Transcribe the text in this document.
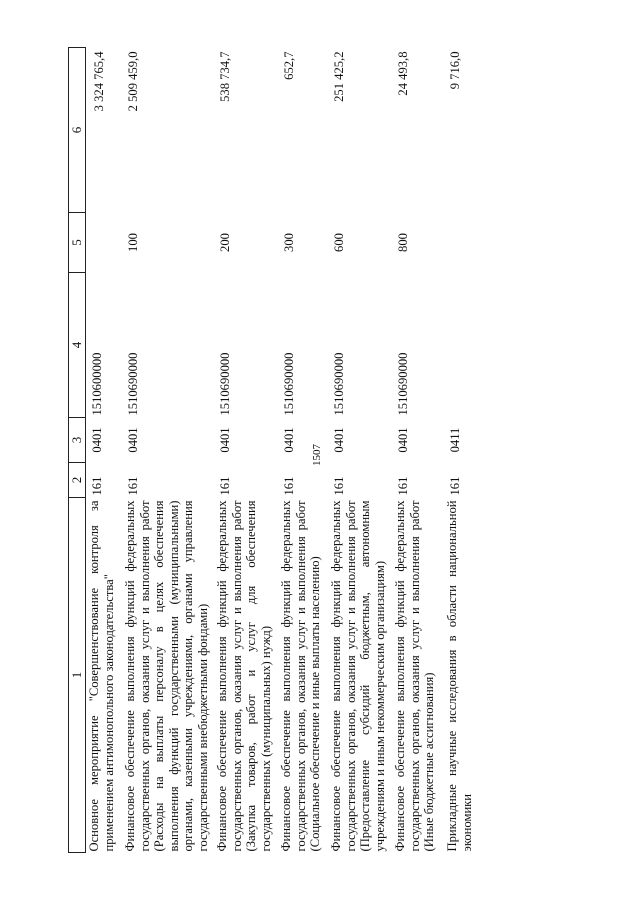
1507
1	2	3	4	5	6
Основное мероприятие "Совершенствование контроля за применением антимонопольного законодательства"	161	0401	1510600000		3 324 765,4
Финансовое обеспечение выполнения функций федеральных государственных органов, оказания услуг и выполнения работ (Расходы на выплаты персоналу в целях обеспечения выполнения функций государственными (муниципальными) органами, казенными учреждениями, органами управления государственными внебюджетными фондами)	161	0401	1510690000	100	2 509 459,0
Финансовое обеспечение выполнения функций федеральных государственных органов, оказания услуг и выполнения работ (Закупка товаров, работ и услуг для обеспечения государственных (муниципальных) нужд)	161	0401	1510690000	200	538 734,7
Финансовое обеспечение выполнения функций федеральных государственных органов, оказания услуг и выполнения работ (Социальное обеспечение и иные выплаты населению)	161	0401	1510690000	300	652,7
Финансовое обеспечение выполнения функций федеральных государственных органов, оказания услуг и выполнения работ (Предоставление субсидий бюджетным, автономным учреждениям и иным некоммерческим организациям)	161	0401	1510690000	600	251 425,2
Финансовое обеспечение выполнения функций федеральных государственных органов, оказания услуг и выполнения работ (Иные бюджетные ассигнования)	161	0401	1510690000	800	24 493,8
Прикладные научные исследования в области национальной экономики	161	0411			9 716,0
